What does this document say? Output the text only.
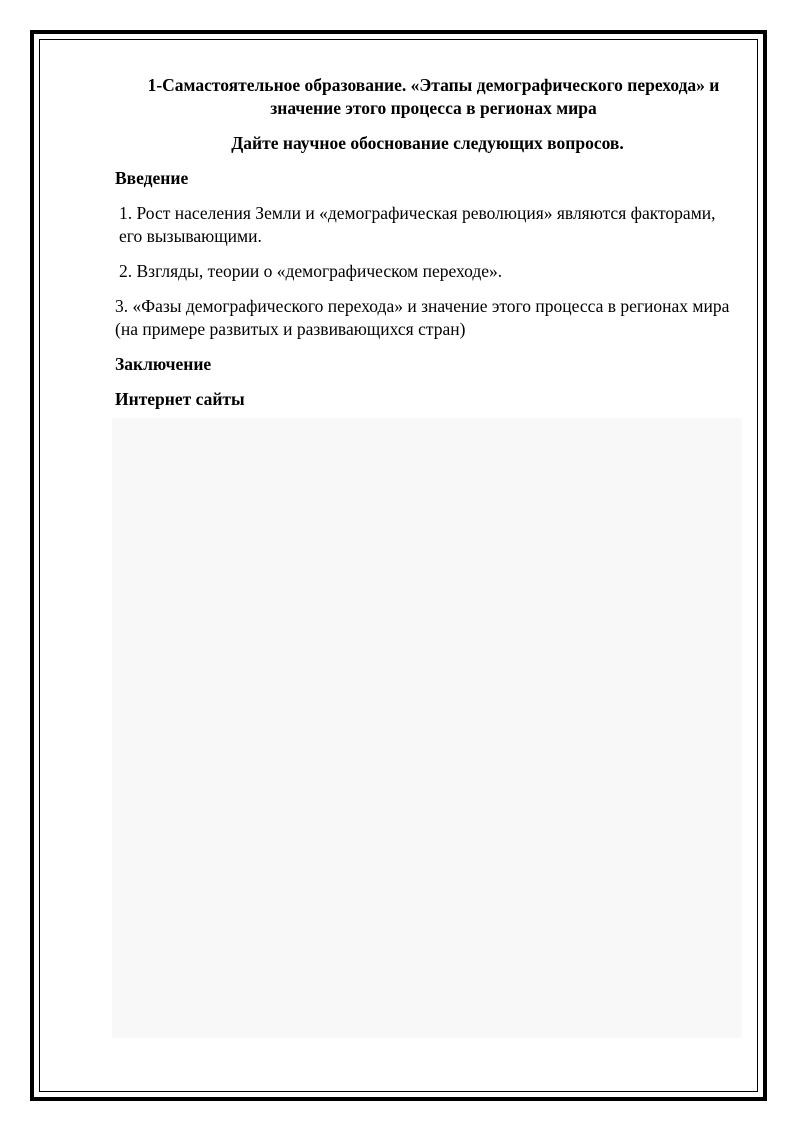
1-Самастоятельное образование. «Этапы демографического перехода» и
значение этого процесса в регионах мира

Дайте научное обоснование следующих вопросов.

Введение

1. Рост населения Земли и «демографическая революция» являются факторами, его вызывающими.

2. Взгляды, теории о «демографическом переходе».

3. «Фазы демографического перехода» и значение этого процесса в регионах мира (на примере развитых и развивающихся стран)

Заключение

Интернет сайты
